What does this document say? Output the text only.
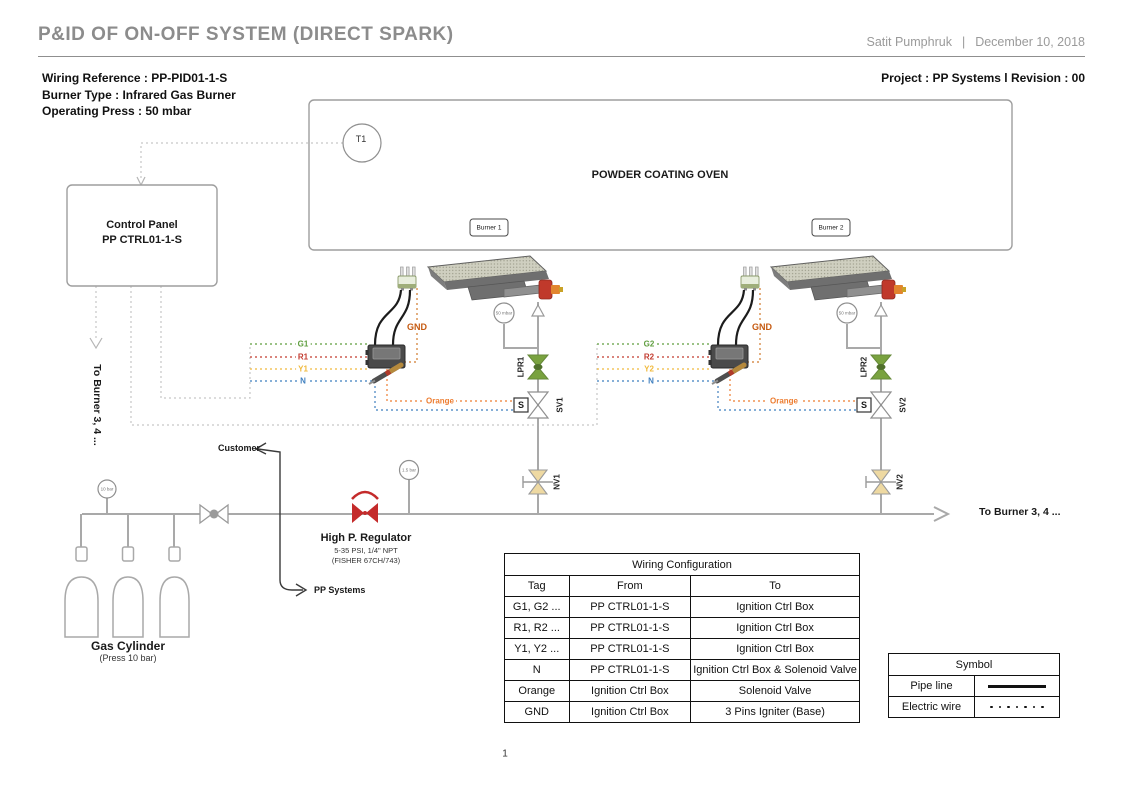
P&ID OF ON-OFF SYSTEM (DIRECT SPARK)	Satit Pumphruk | December 10, 2018
Wiring Reference : PP-PID01-1-S
Burner Type : Infrared Gas Burner
Operating Press : 50 mbar
Project : PP Systems l Revision : 00
POWDER COATING OVEN
Burner 1	Burner 2
T1
Control Panel
PP CTRL01-1-S
To Burner 3, 4 ...
To Burner 3, 4 ...
Customer
PP Systems
High P. Regulator
5-35 PSI, 1/4" NPT
(FISHER 67CH/743)
Gas Cylinder
(Press 10 bar)
10 bar
1.5 bar
50 mbar	50 mbar
G1
R1
Y1
N
Orange
GND
G2
R2
Y2
N
Orange
GND
LPR1
SV1
NV1
S
LPR2
SV2
NV2
S
Wiring Configuration		
Tag	From	To
G1, G2 ...	PP CTRL01-1-S	Ignition Ctrl Box
R1, R2 ...	PP CTRL01-1-S	Ignition Ctrl Box
Y1, Y2 ...	PP CTRL01-1-S	Ignition Ctrl Box
N	PP CTRL01-1-S	Ignition Ctrl Box & Solenoid Valve
Orange	Ignition Ctrl Box	Solenoid Valve
GND	Ignition Ctrl Box	3 Pins Igniter (Base)
Symbol	
Pipe line	

Electric wire	
1
